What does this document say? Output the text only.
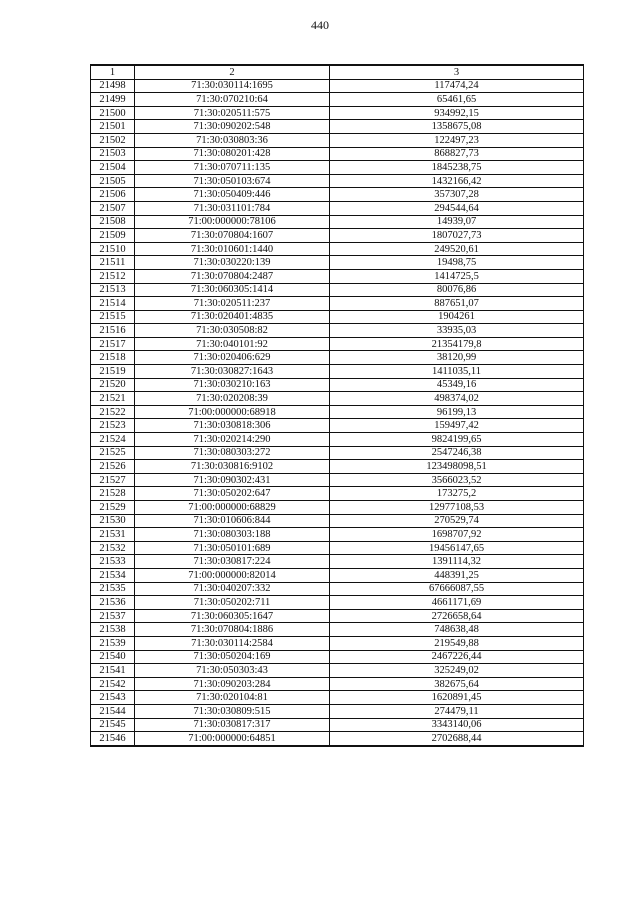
440
1	2	3
21498	71:30:030114:1695	117474,24
21499	71:30:070210:64	65461,65
21500	71:30:020511:575	934992,15
21501	71:30:090202:548	1358675,08
21502	71:30:030803:36	122497,23
21503	71:30:080201:428	868827,73
21504	71:30:070711:135	1845238,75
21505	71:30:050103:674	1432166,42
21506	71:30:050409:446	357307,28
21507	71:30:031101:784	294544,64
21508	71:00:000000:78106	14939,07
21509	71:30:070804:1607	1807027,73
21510	71:30:010601:1440	249520,61
21511	71:30:030220:139	19498,75
21512	71:30:070804:2487	1414725,5
21513	71:30:060305:1414	80076,86
21514	71:30:020511:237	887651,07
21515	71:30:020401:4835	1904261
21516	71:30:030508:82	33935,03
21517	71:30:040101:92	21354179,8
21518	71:30:020406:629	38120,99
21519	71:30:030827:1643	1411035,11
21520	71:30:030210:163	45349,16
21521	71:30:020208:39	498374,02
21522	71:00:000000:68918	96199,13
21523	71:30:030818:306	159497,42
21524	71:30:020214:290	9824199,65
21525	71:30:080303:272	2547246,38
21526	71:30:030816:9102	123498098,51
21527	71:30:090302:431	3566023,52
21528	71:30:050202:647	173275,2
21529	71:00:000000:68829	12977108,53
21530	71:30:010606:844	270529,74
21531	71:30:080303:188	1698707,92
21532	71:30:050101:689	19456147,65
21533	71:30:030817:224	1391114,32
21534	71:00:000000:82014	448391,25
21535	71:30:040207:332	67666087,55
21536	71:30:050202:711	4661171,69
21537	71:30:060305:1647	2726658,64
21538	71:30:070804:1886	748638,48
21539	71:30:030114:2584	219549,88
21540	71:30:050204:169	2467226,44
21541	71:30:050303:43	325249,02
21542	71:30:090203:284	382675,64
21543	71:30:020104:81	1620891,45
21544	71:30:030809:515	274479,11
21545	71:30:030817:317	3343140,06
21546	71:00:000000:64851	2702688,44
